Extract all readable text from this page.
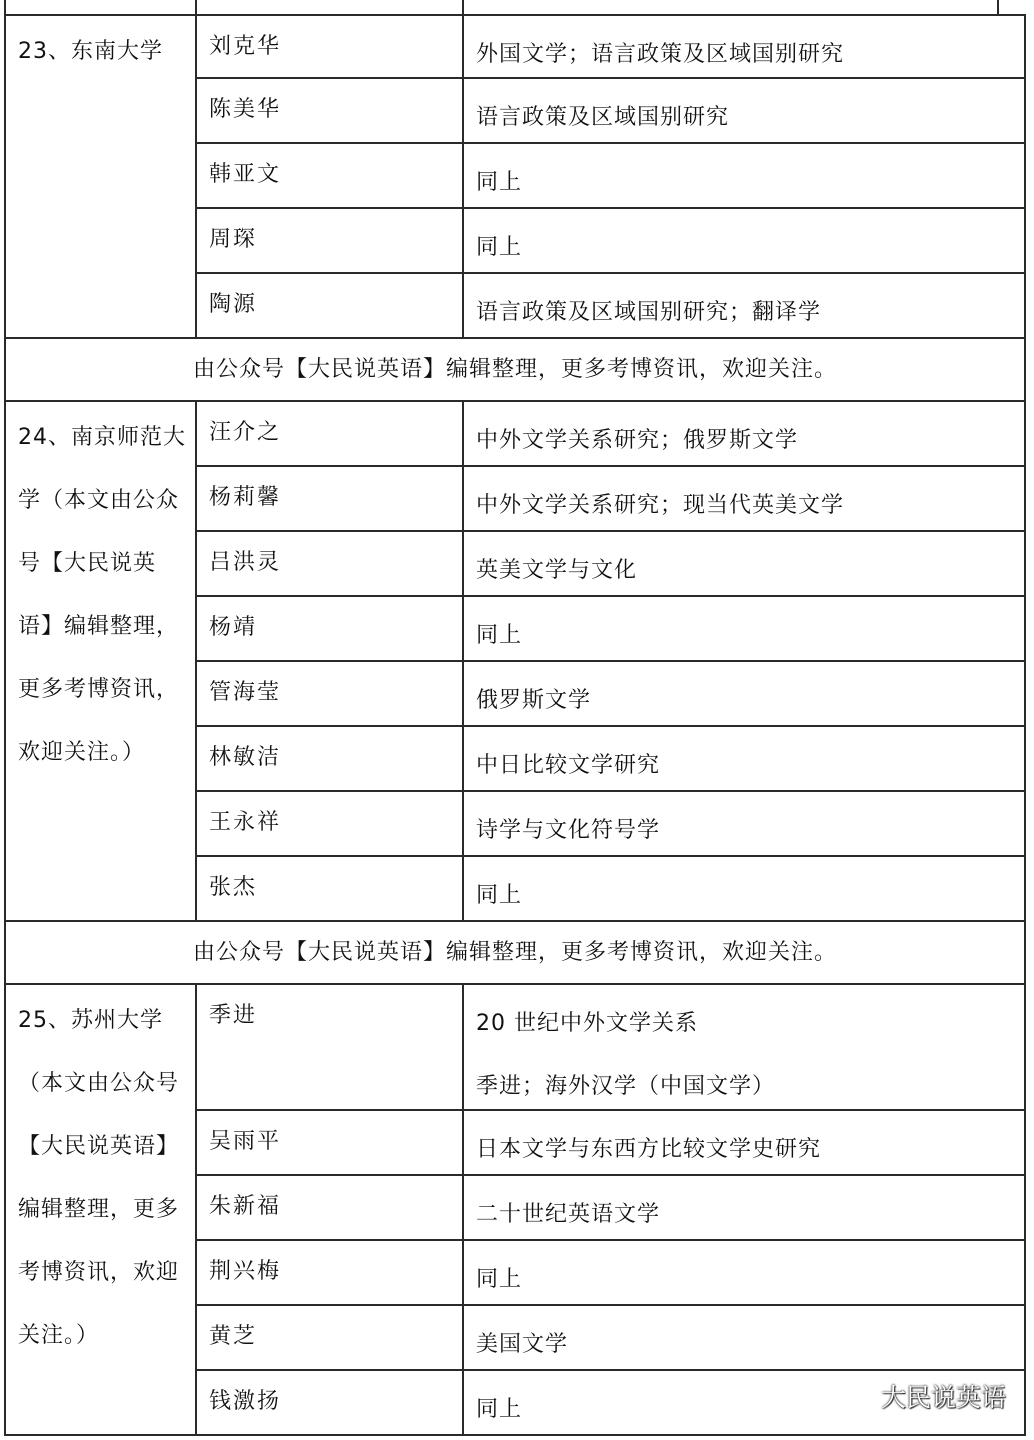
23、东南大学	刘克华	外国文学；语言政策及区域国别研究
	陈美华	语言政策及区域国别研究
	韩亚文	同上
	周琛	同上
	陶源	语言政策及区域国别研究；翻译学
由公众号【大民说英语】编辑整理，更多考博资讯，欢迎关注。		

24、南京师范大学（本文由公众号【大民说英语】编辑整理，更多考博资讯，欢迎关注。）	汪介之	中外文学关系研究；俄罗斯文学
	杨莉馨	中外文学关系研究；现当代英美文学
	吕洪灵	英美文学与文化
	杨靖	同上
	管海莹	俄罗斯文学
	林敏洁	中日比较文学研究
	王永祥	诗学与文化符号学
	张杰	同上
由公众号【大民说英语】编辑整理，更多考博资讯，欢迎关注。		

25、苏州大学（本文由公众号【大民说英语】编辑整理，更多考博资讯，欢迎关注。）	季进	20 世纪中外文学关系
季进；海外汉学（中国文学）

	吴雨平	日本文学与东西方比较文学史研究
	朱新福	二十世纪英语文学
	荆兴梅	同上
	黄芝	美国文学
	钱激扬	同上	大民说英语
